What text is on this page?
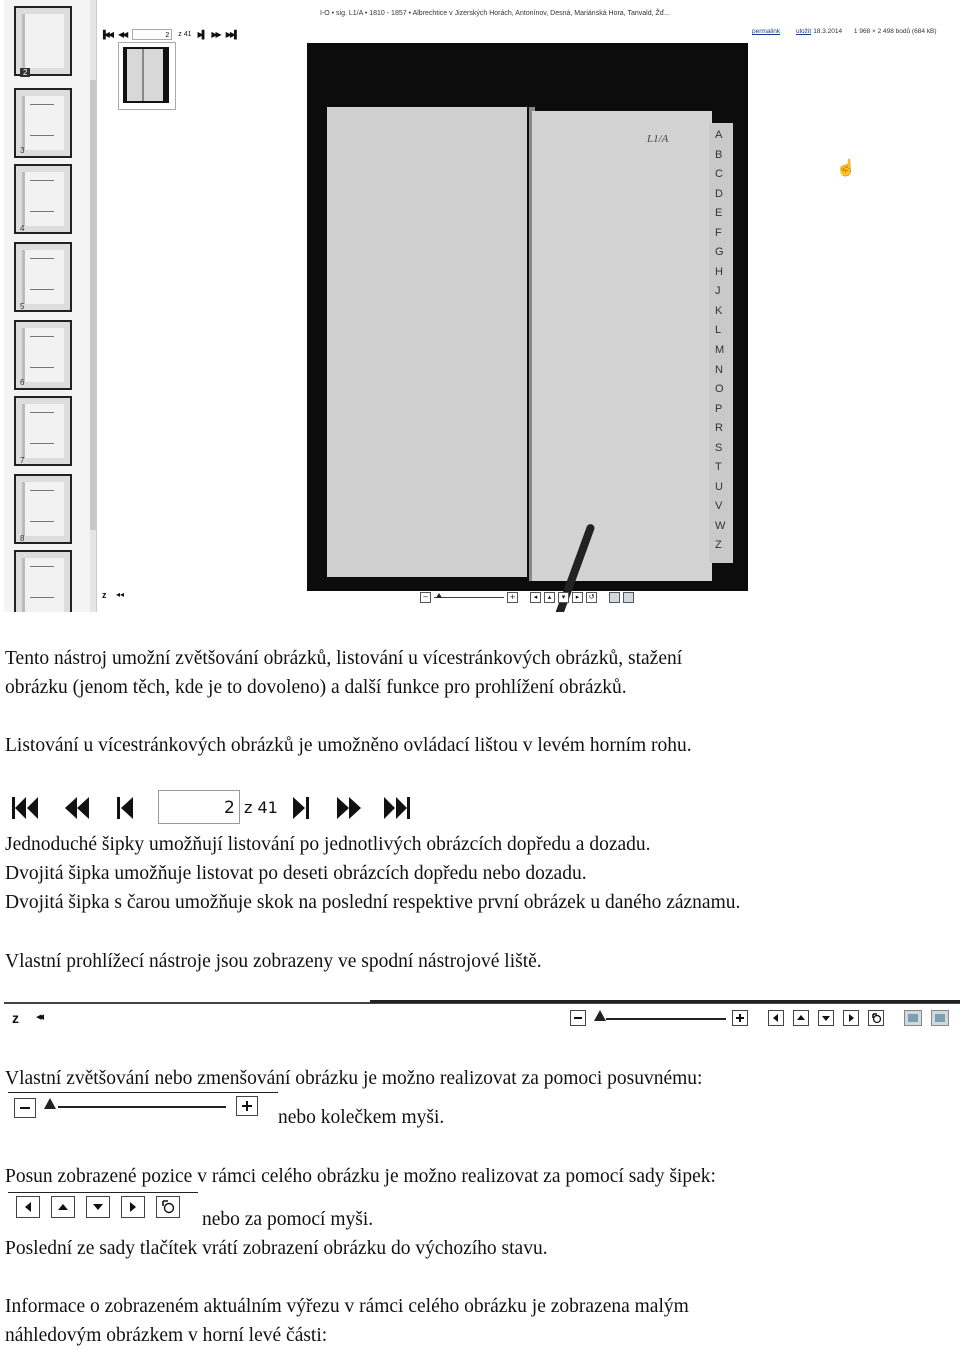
2
3
4
5
6
7
8
I-O • sig. L1/A • 1810 - 1857 • Albrechtice v Jizerských Horách, Antonínov, Desná, Mariánská Hora, Tanvald, Žď...
permalink uložit 18.3.2014 1 968 × 2 498 bodů (684 kB)
▐◀◀ ◀◀	2	z 41 ▶▌ ▶▶ ▶▶▌
A
B
C
D
E
F
G
H
J
K
L
M
N
O
P
R
S
T
U
V
W
Z
L1/A
☝
z ◂◂	−	+	◂	▴	▾	▸	↺
Tento nástroj umožní zvětšování obrázků, listování u vícestránkových obrázků, stažení
obrázku (jenom těch, kde je to dovoleno) a další funkce pro prohlížení obrázků.
Listování u vícestránkových obrázků je umožněno ovládací lištou v levém horním rohu.
2 z 41
Jednoduché šipky umožňují listování po jednotlivých obrázcích dopředu a dozadu.
Dvojitá šipka umožňuje listovat po deseti obrázcích dopředu nebo dozadu.
Dvojitá šipka s čarou umožňuje skok na poslední respektive první obrázek u daného záznamu.
Vlastní prohlížecí nástroje jsou zobrazeny ve spodní nástrojové liště.
z ◂◂
Vlastní zvětšování nebo zmenšování obrázku je možno realizovat za pomoci posuvnému:
nebo kolečkem myši.
Posun zobrazené pozice v rámci celého obrázku je možno realizovat za pomocí sady šipek:
nebo za pomocí myši.
Poslední ze sady tlačítek vrátí zobrazení obrázku do výchozího stavu.
Informace o zobrazeném aktuálním výřezu v rámci celého obrázku je zobrazena malým
náhledovým obrázkem v horní levé části:
